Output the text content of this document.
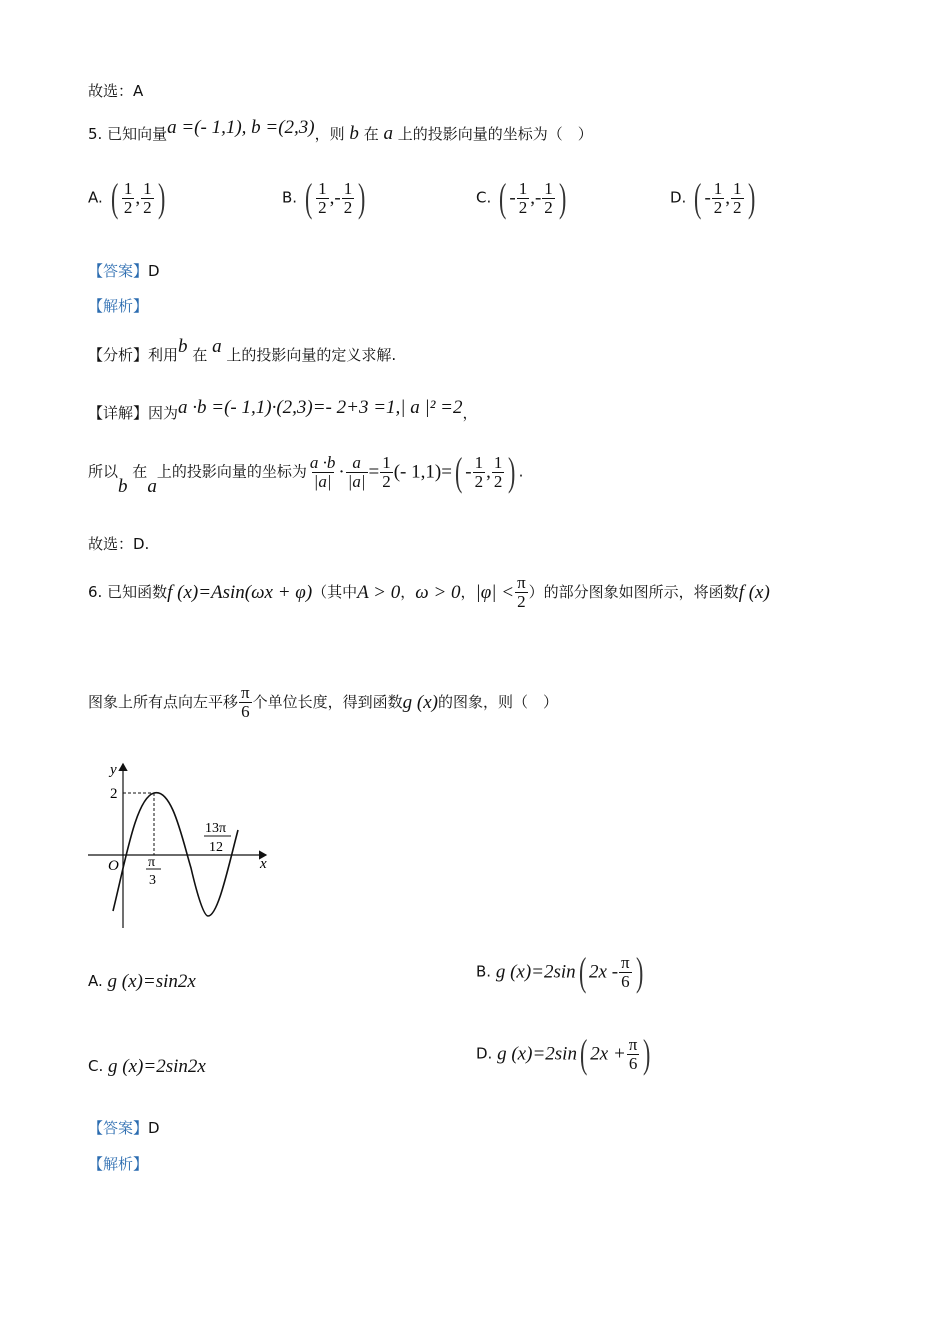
故选：A
5. 已知向量a =(- 1,1), b =(2,3)，则 b 在 a 上的投影向量的坐标为（　）
A. ( $\frac{1}{2}$ , $\frac{1}{2}$ )	B. ( $\frac{1}{2}$ ,- $\frac{1}{2}$ )	C. ( - $\frac{1}{2}$ ,- $\frac{1}{2}$ )	D. ( - $\frac{1}{2}$ , $\frac{1}{2}$ )
【答案】D
【解析】
【分析】利用b 在 a 上的投影向量的定义求解.
【详解】因为a ·b =(- 1,1)·(2,3)=- 2+3 =1,| a |² =2，
所以b 在a上的投影向量的坐标为 $\frac{a \cdot b}{|a|} \cdot \frac{a}{|a|} = \frac{1}{2}$ (- $1,1)=( - \frac{1}{2}$ , $\frac{1}{2}$ ) .
故选：D.
6. 已知函数f (x)=Asin(ωx + φ)（其中A > 0，ω > 0，$|\varphi| < \frac{\pi}{2}$ ）的部分图象如图所示，将函数f (x)
图象上所有点向左平移 $\frac{\pi}{6}$ 个单位长度，得到函数g (x)的图象，则（　）
y
x
O
2
π
3
13π
12
A. g (x)=sin2x	B. g (x)=2sin( $2x - \frac{\pi}{6}$ )
C. g (x)=2sin2x
D. g (x)=2sin( $2x + \frac{\pi}{6}$ )
【答案】D
【解析】
